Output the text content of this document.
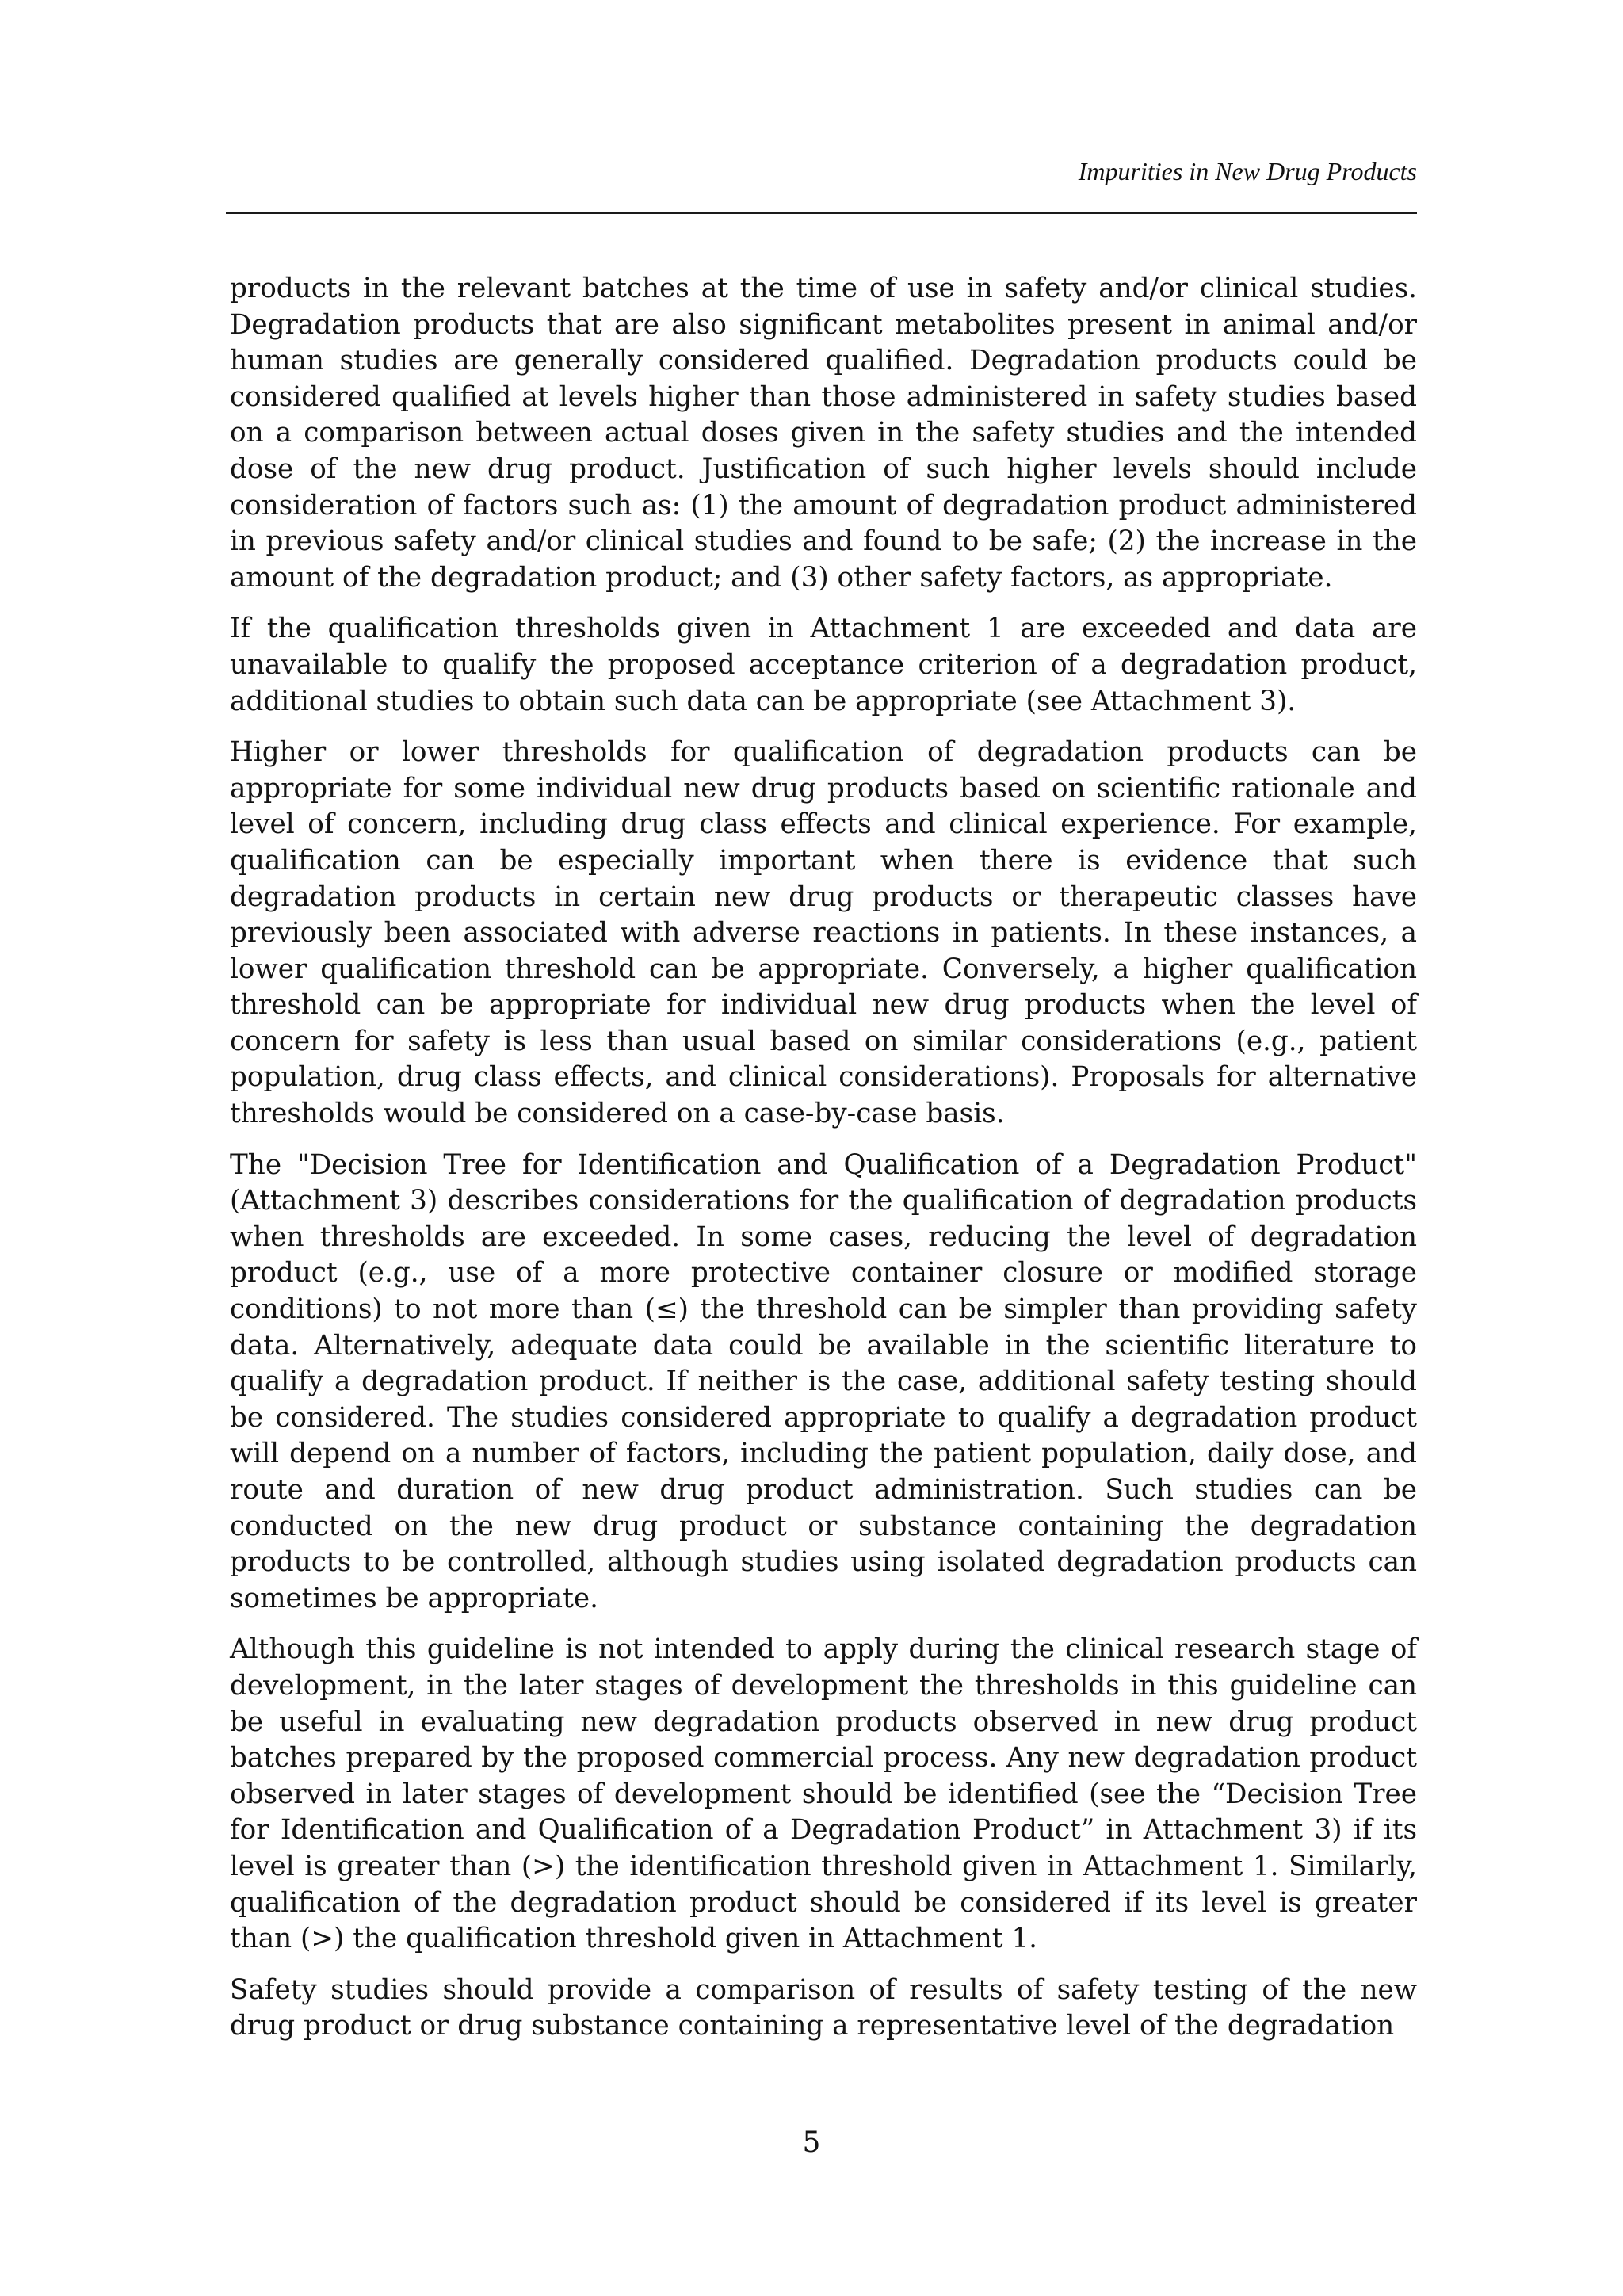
Impurities in New Drug Products

products in the relevant batches at the time of use in safety and/or clinical studies. Degradation products that are also significant metabolites present in animal and/or human studies are generally considered qualified. Degradation products could be considered qualified at levels higher than those administered in safety studies based on a comparison between actual doses given in the safety studies and the intended dose of the new drug product. Justification of such higher levels should include consideration of factors such as: (1) the amount of degradation product administered in previous safety and/or clinical studies and found to be safe; (2) the increase in the amount of the degradation product; and (3) other safety factors, as appropriate.

If the qualification thresholds given in Attachment 1 are exceeded and data are unavailable to qualify the proposed acceptance criterion of a degradation product, additional studies to obtain such data can be appropriate (see Attachment 3).

Higher or lower thresholds for qualification of degradation products can be appropriate for some individual new drug products based on scientific rationale and level of concern, including drug class effects and clinical experience. For example, qualification can be especially important when there is evidence that such degradation products in certain new drug products or therapeutic classes have previously been associated with adverse reactions in patients. In these instances, a lower qualification threshold can be appropriate. Conversely, a higher qualification threshold can be appropriate for individual new drug products when the level of concern for safety is less than usual based on similar considerations (e.g., patient population, drug class effects, and clinical considerations). Proposals for alternative thresholds would be considered on a case-by-case basis.

The "Decision Tree for Identification and Qualification of a Degradation Product" (Attachment 3) describes considerations for the qualification of degradation products when thresholds are exceeded. In some cases, reducing the level of degradation product (e.g., use of a more protective container closure or modified storage conditions) to not more than (≤) the threshold can be simpler than providing safety data. Alternatively, adequate data could be available in the scientific literature to qualify a degradation product. If neither is the case, additional safety testing should be considered. The studies considered appropriate to qualify a degradation product will depend on a number of factors, including the patient population, daily dose, and route and duration of new drug product administration. Such studies can be conducted on the new drug product or substance containing the degradation products to be controlled, although studies using isolated degradation products can sometimes be appropriate.

Although this guideline is not intended to apply during the clinical research stage of development, in the later stages of development the thresholds in this guideline can be useful in evaluating new degradation products observed in new drug product batches prepared by the proposed commercial process. Any new degradation product observed in later stages of development should be identified (see the “Decision Tree for Identification and Qualification of a Degradation Product” in Attachment 3) if its level is greater than (>) the identification threshold given in Attachment 1. Similarly, qualification of the degradation product should be considered if its level is greater than (>) the qualification threshold given in Attachment 1.

Safety studies should provide a comparison of results of safety testing of the new drug product or drug substance containing a representative level of the degradation

5
